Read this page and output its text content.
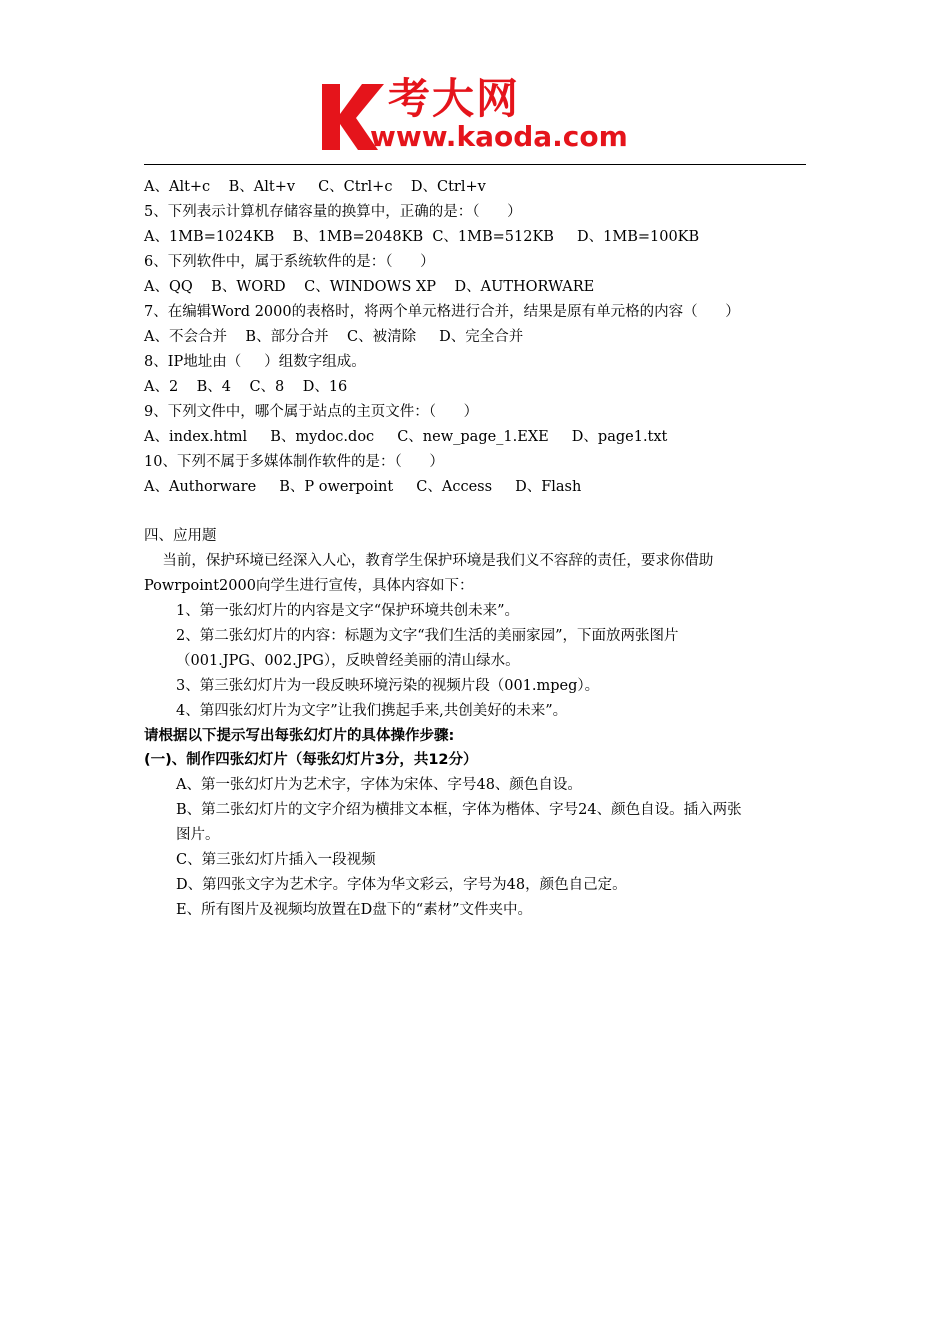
考大网
www.kaoda.com
A、Alt+c    B、Alt+v     C、Ctrl+c    D、Ctrl+v
5、下列表示计算机存储容量的换算中，正确的是：（      ）
A、1MB=1024KB    B、1MB=2048KB  C、1MB=512KB     D、1MB=100KB
6、下列软件中，属于系统软件的是：（      ）
A、QQ    B、WORD    C、WINDOWS XP    D、AUTHORWARE
7、在编辑Word 2000的表格时，将两个单元格进行合并，结果是原有单元格的内容（      ）
A、不会合并    B、部分合并    C、被清除     D、完全合并
8、IP地址由（     ）组数字组成。
A、2    B、4    C、8    D、16
9、下列文件中，哪个属于站点的主页文件：（      ）
A、index.html     B、mydoc.doc     C、new_page_1.EXE     D、page1.txt
10、下列不属于多媒体制作软件的是：（      ）
A、Authorware     B、P owerpoint     C、Access     D、Flash
四、应用题
当前，保护环境已经深入人心，教育学生保护环境是我们义不容辞的责任，要求你借助
Powrpoint2000向学生进行宣传，具体内容如下：
1、第一张幻灯片的内容是文字“保护环境共创未来”。
2、第二张幻灯片的内容：标题为文字“我们生活的美丽家园”，下面放两张图片
（001.JPG、002.JPG），反映曾经美丽的清山绿水。
3、第三张幻灯片为一段反映环境污染的视频片段（001.mpeg）。
4、第四张幻灯片为文字”让我们携起手来,共创美好的未来”。
请根据以下提示写出每张幻灯片的具体操作步骤:
(一)、制作四张幻灯片（每张幻灯片3分，共12分）
A、第一张幻灯片为艺术字，字体为宋体、字号48、颜色自设。
B、第二张幻灯片的文字介绍为横排文本框，字体为楷体、字号24、颜色自设。插入两张
图片。
C、第三张幻灯片插入一段视频
D、第四张文字为艺术字。字体为华文彩云，字号为48，颜色自己定。
E、所有图片及视频均放置在D盘下的“素材”文件夹中。
